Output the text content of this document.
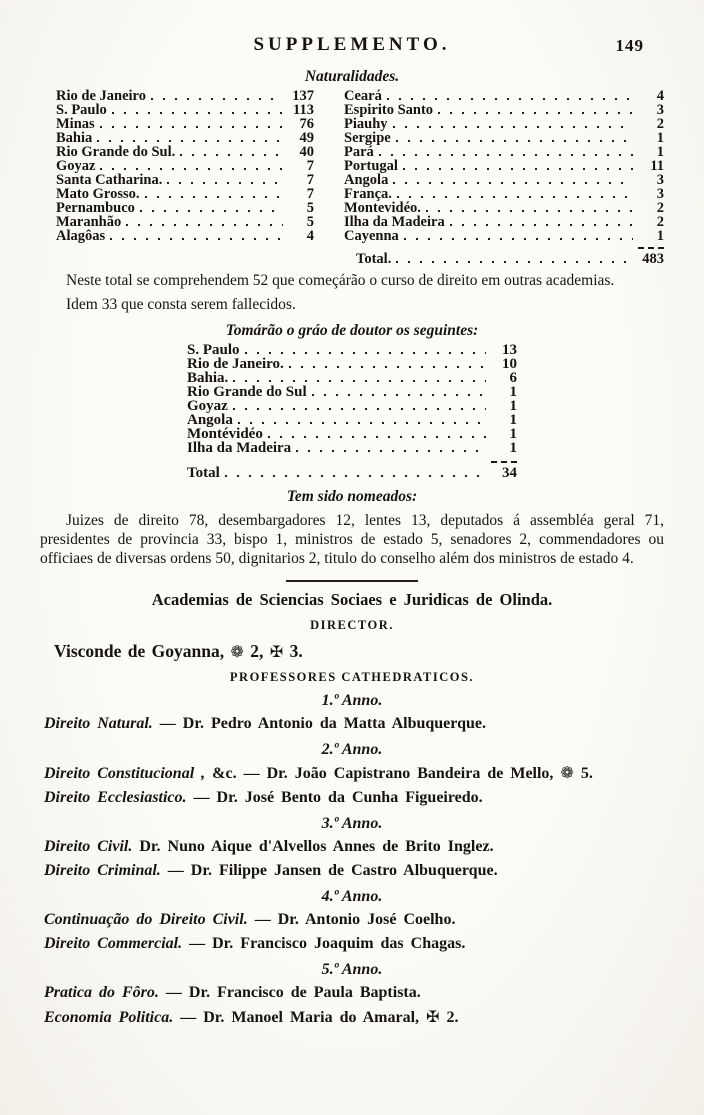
SUPPLEMENTO.	149
Naturalidades.
Rio de Janeiro	137
S. Paulo	113
Minas	76
Bahia	49
Rio Grande do Sul.	40
Goyaz	7
Santa Catharina.	7
Mato Grosso.	7
Pernambuco	5
Maranhão	5
Alagôas	4
Ceará	4
Espirito Santo	3
Piauhy	2
Sergipe	1
Pará	1
Portugal	11
Angola	3
França.	3
Montevidéo.	2
Ilha da Madeira	2
Cayenna	1
Total.	483

Neste total se comprehendem 52 que começárão o curso de direito em outras academias.

Idem 33 que consta serem fallecidos.

Tomárão o gráo de doutor os seguintes:
S. Paulo	13
Rio de Janeiro.	10
Bahia.	6
Rio Grande do Sul	1
Goyaz	1
Angola	1
Montévidéo	1
Ilha da Madeira	1
Total	34
Tem sido nomeados:

Juizes de direito 78, desembargadores 12, lentes 13, deputados á assembléa geral 71, presidentes de provincia 33, bispo 1, ministros de estado 5, senadores 2, commendadores ou officiaes de diversas ordens 50, dignitarios 2, titulo do conselho além dos ministros de estado 4.

Academias de Sciencias Sociaes e Juridicas de Olinda.
DIRECTOR.

Visconde de Goyanna, ❁ 2, ✠ 3.

PROFESSORES CATHEDRATICOS.
1.º Anno.

Direito Natural. — Dr. Pedro Antonio da Matta Albuquerque.

2.º Anno.

Direito Constitucional , &c. — Dr. João Capistrano Bandeira de Mello, ❁ 5.

Direito Ecclesiastico. — Dr. José Bento da Cunha Figueiredo.

3.º Anno.

Direito Civil. Dr. Nuno Aique d'Alvellos Annes de Brito Inglez.

Direito Criminal. — Dr. Filippe Jansen de Castro Albuquerque.

4.º Anno.

Continuação do Direito Civil. — Dr. Antonio José Coelho.

Direito Commercial. — Dr. Francisco Joaquim das Chagas.

5.º Anno.

Pratica do Fôro. — Dr. Francisco de Paula Baptista.

Economia Politica. — Dr. Manoel Maria do Amaral, ✠ 2.
